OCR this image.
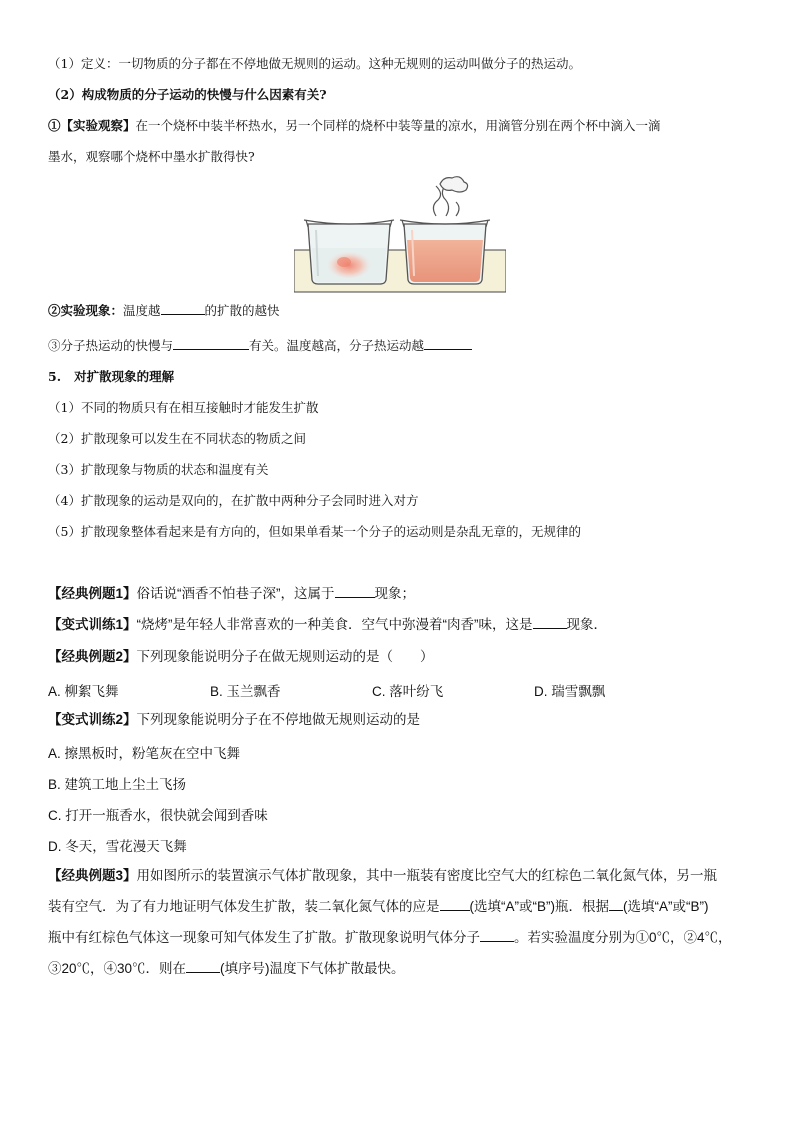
（1）定义：一切物质的分子都在不停地做无规则的运动。这种无规则的运动叫做分子的热运动。
（2）构成物质的分子运动的快慢与什么因素有关?
①【实验观察】在一个烧杯中装半杯热水，另一个同样的烧杯中装等量的凉水，用滴管分别在两个杯中滴入一滴
墨水，观察哪个烧杯中墨水扩散得快?
②实验现象：温度越	的扩散的越快
③分子热运动的快慢与	有关。温度越高，分子热运动越
5. 对扩散现象的理解
（1）不同的物质只有在相互接触时才能发生扩散
（2）扩散现象可以发生在不同状态的物质之间
（3）扩散现象与物质的状态和温度有关
（4）扩散现象的运动是双向的，在扩散中两种分子会同时进入对方
（5）扩散现象整体看起来是有方向的，但如果单看某一个分子的运动则是杂乱无章的，无规律的
【经典例题1】俗话说“酒香不怕巷子深”，这属于	现象；
【变式训练1】“烧烤”是年轻人非常喜欢的一种美食．空气中弥漫着“肉香”味，这是	现象．
【经典例题2】下列现象能说明分子在做无规则运动的是（　　）
A. 柳絮飞舞	B. 玉兰飘香	C. 落叶纷飞	D. 瑞雪飘飘
【变式训练2】下列现象能说明分子在不停地做无规则运动的是
A. 擦黑板时，粉笔灰在空中飞舞
B. 建筑工地上尘土飞扬
C. 打开一瓶香水，很快就会闻到香味
D. 冬天，雪花漫天飞舞
【经典例题3】用如图所示的装置演示气体扩散现象，其中一瓶装有密度比空气大的红棕色二氧化氮气体，另一瓶
装有空气．为了有力地证明气体发生扩散，装二氧化氮气体的应是 (选填“A”或“B”)瓶．根据 (选填“A”或“B”)
瓶中有红棕色气体这一现象可知气体发生了扩散。扩散现象说明气体分子	。若实验温度分别为①0℃，②4℃，
③20℃，④30℃．则在	(填序号)温度下气体扩散最快。
